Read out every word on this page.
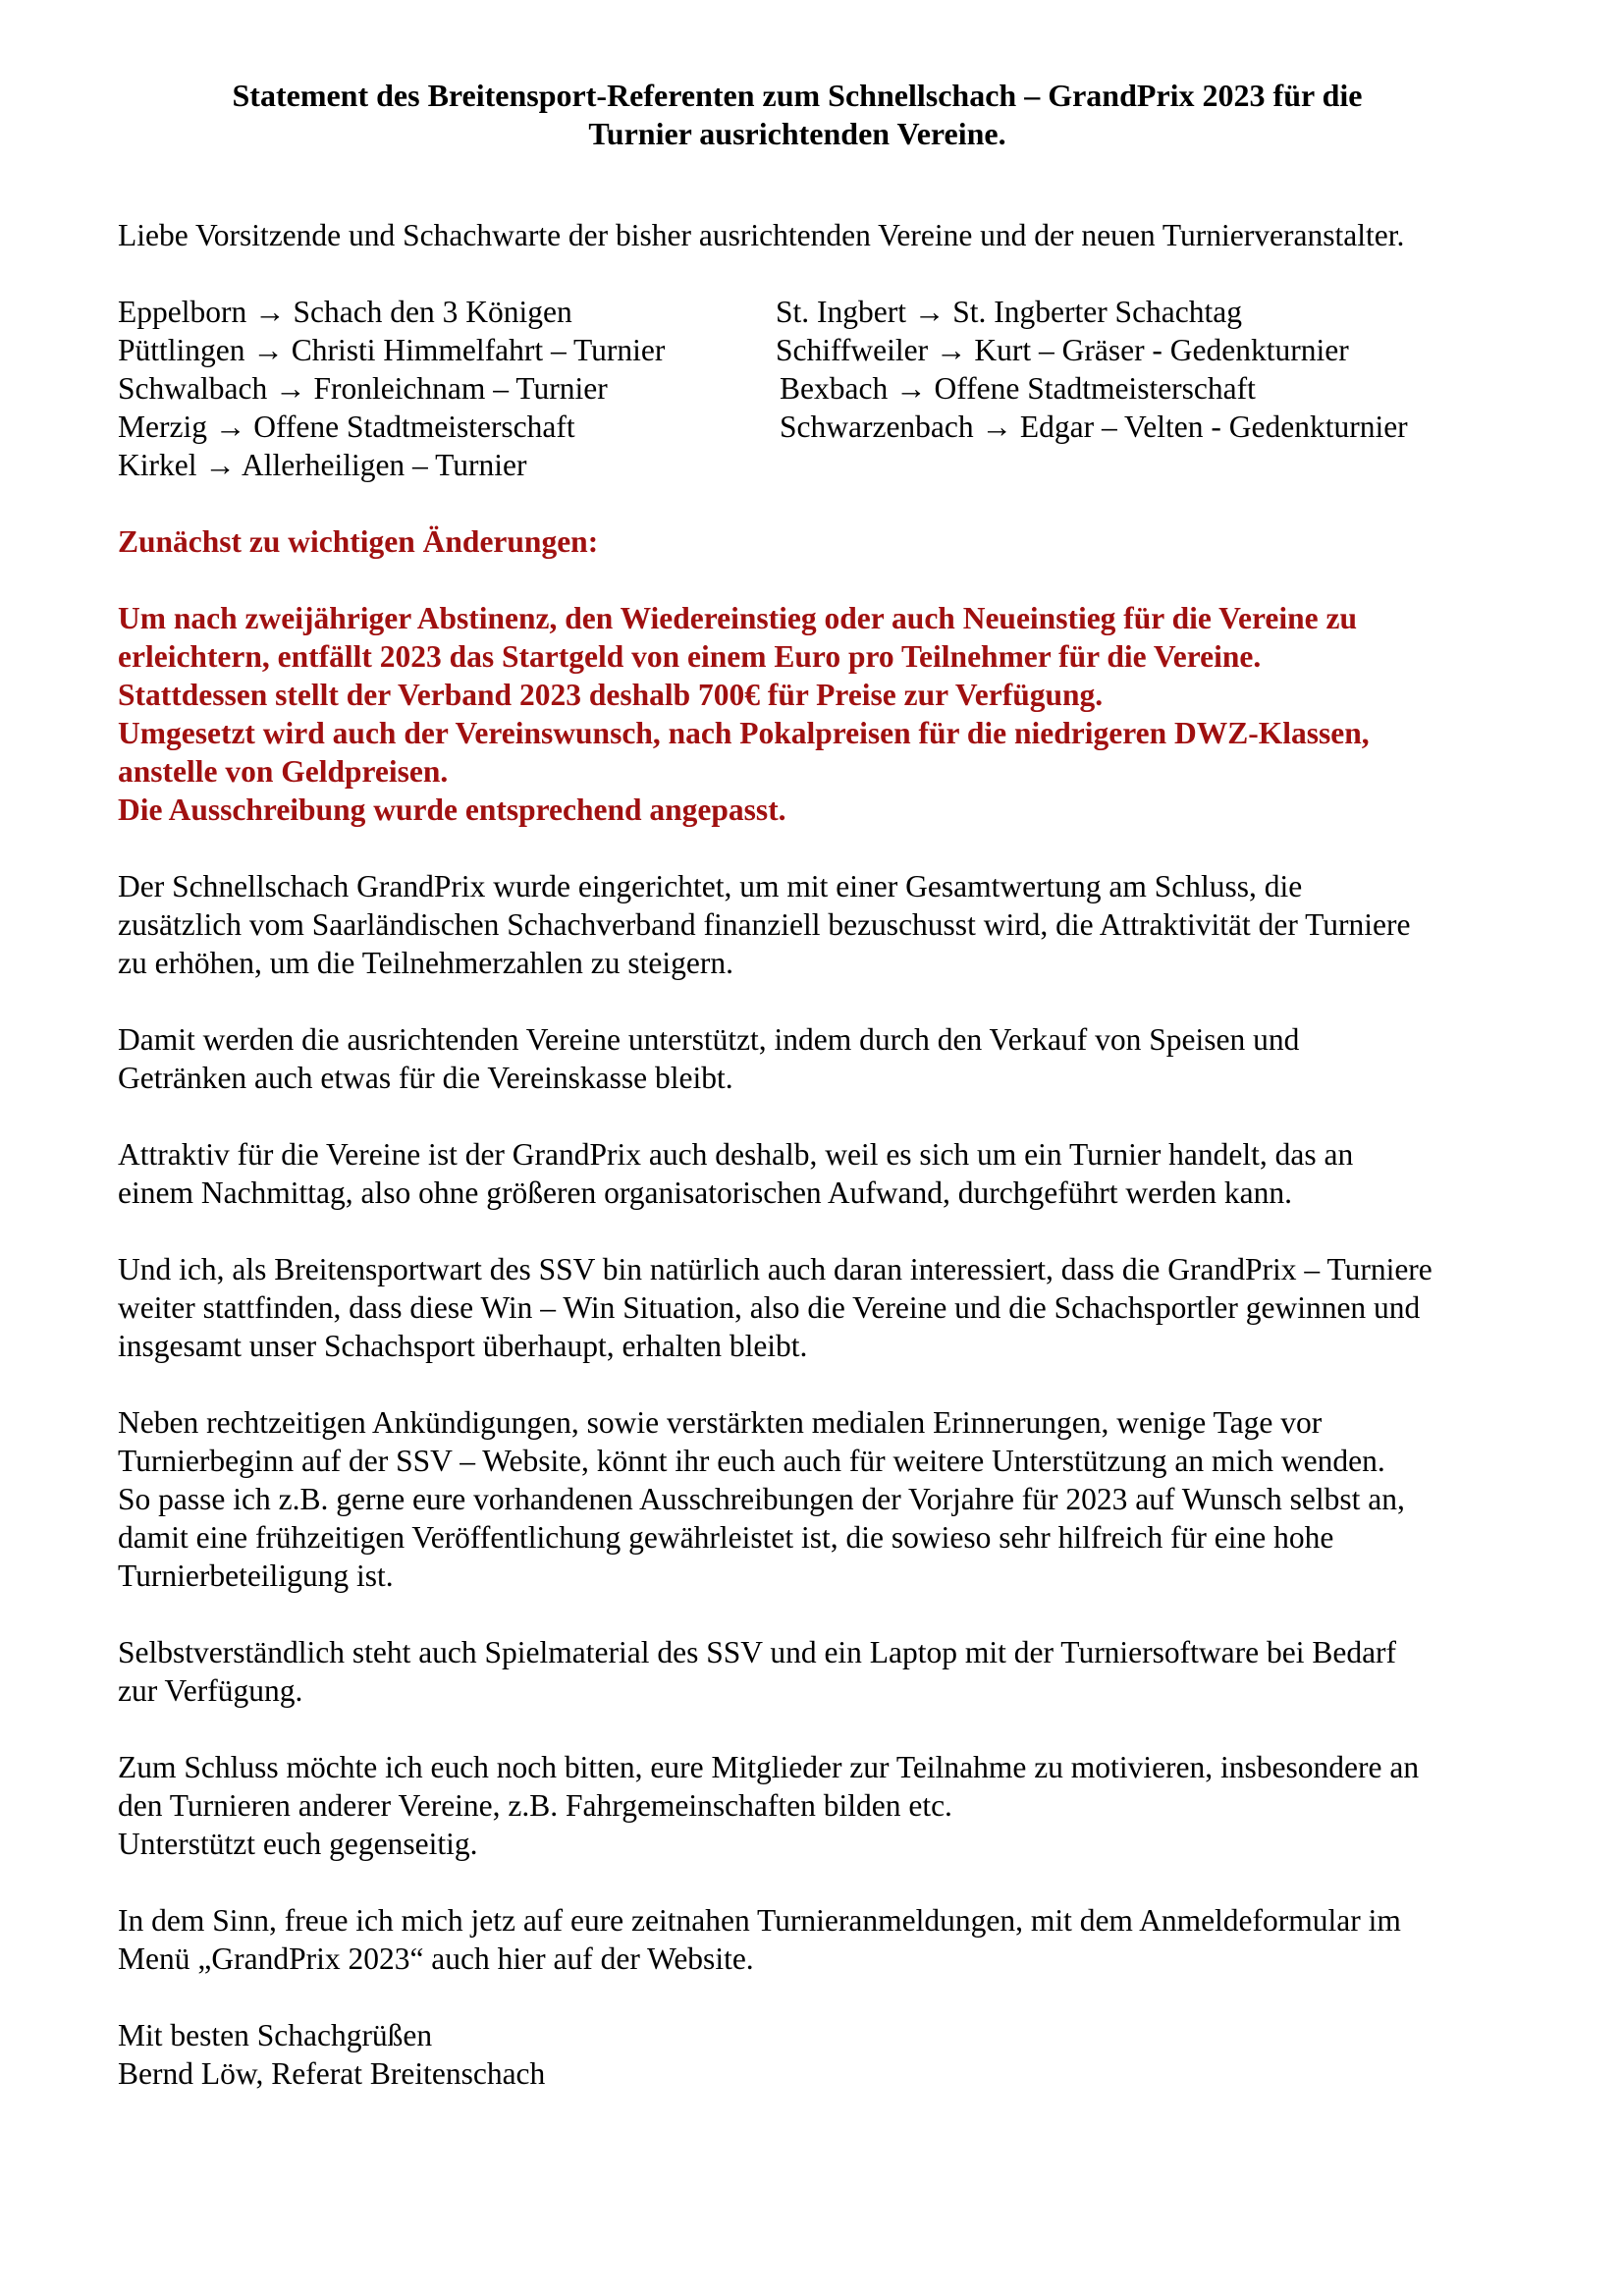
Statement des Breitensport-Referenten zum Schnellschach – GrandPrix 2023 für die
Turnier ausrichtenden Vereine.

Liebe Vorsitzende und Schachwarte der bisher ausrichtenden Vereine und der neuen Turnierveranstalter.

Eppelborn → Schach den 3 Königen
Püttlingen → Christi Himmelfahrt – Turnier
Schwalbach → Fronleichnam – Turnier
Merzig → Offene Stadtmeisterschaft
Kirkel → Allerheiligen – Turnier
St. Ingbert → St. Ingberter Schachtag
Schiffweiler → Kurt – Gräser - Gedenkturnier
Bexbach → Offene Stadtmeisterschaft
Schwarzenbach → Edgar – Velten - Gedenkturnier

Zunächst zu wichtigen Änderungen:

Um nach zweijähriger Abstinenz, den Wiedereinstieg oder auch Neueinstieg für die Vereine zu
erleichtern, entfällt 2023 das Startgeld von einem Euro pro Teilnehmer für die Vereine.
Stattdessen stellt der Verband 2023 deshalb 700€ für Preise zur Verfügung.
Umgesetzt wird auch der Vereinswunsch, nach Pokalpreisen für die niedrigeren DWZ-Klassen,
anstelle von Geldpreisen.
Die Ausschreibung wurde entsprechend angepasst.

Der Schnellschach GrandPrix wurde eingerichtet, um mit einer Gesamtwertung am Schluss, die
zusätzlich vom Saarländischen Schachverband finanziell bezuschusst wird, die Attraktivität der Turniere
zu erhöhen, um die Teilnehmerzahlen zu steigern.

Damit werden die ausrichtenden Vereine unterstützt, indem durch den Verkauf von Speisen und
Getränken auch etwas für die Vereinskasse bleibt.

Attraktiv für die Vereine ist der GrandPrix auch deshalb, weil es sich um ein Turnier handelt, das an
einem Nachmittag, also ohne größeren organisatorischen Aufwand, durchgeführt werden kann.

Und ich, als Breitensportwart des SSV bin natürlich auch daran interessiert, dass die GrandPrix – Turniere
weiter stattfinden, dass diese Win – Win Situation, also die Vereine und die Schachsportler gewinnen und
insgesamt unser Schachsport überhaupt, erhalten bleibt.

Neben rechtzeitigen Ankündigungen, sowie verstärkten medialen Erinnerungen, wenige Tage vor
Turnierbeginn auf der SSV – Website, könnt ihr euch auch für weitere Unterstützung an mich wenden.
So passe ich z.B. gerne eure vorhandenen Ausschreibungen der Vorjahre für 2023 auf Wunsch selbst an,
damit eine frühzeitigen Veröffentlichung gewährleistet ist, die sowieso sehr hilfreich für eine hohe
Turnierbeteiligung ist.

Selbstverständlich steht auch Spielmaterial des SSV und ein Laptop mit der Turniersoftware bei Bedarf
zur Verfügung.

Zum Schluss möchte ich euch noch bitten, eure Mitglieder zur Teilnahme zu motivieren, insbesondere an
den Turnieren anderer Vereine, z.B. Fahrgemeinschaften bilden etc.
Unterstützt euch gegenseitig.

In dem Sinn, freue ich mich jetz auf eure zeitnahen Turnieranmeldungen, mit dem Anmeldeformular im
Menü „GrandPrix 2023“ auch hier auf der Website.

Mit besten Schachgrüßen
Bernd Löw, Referat Breitenschach
